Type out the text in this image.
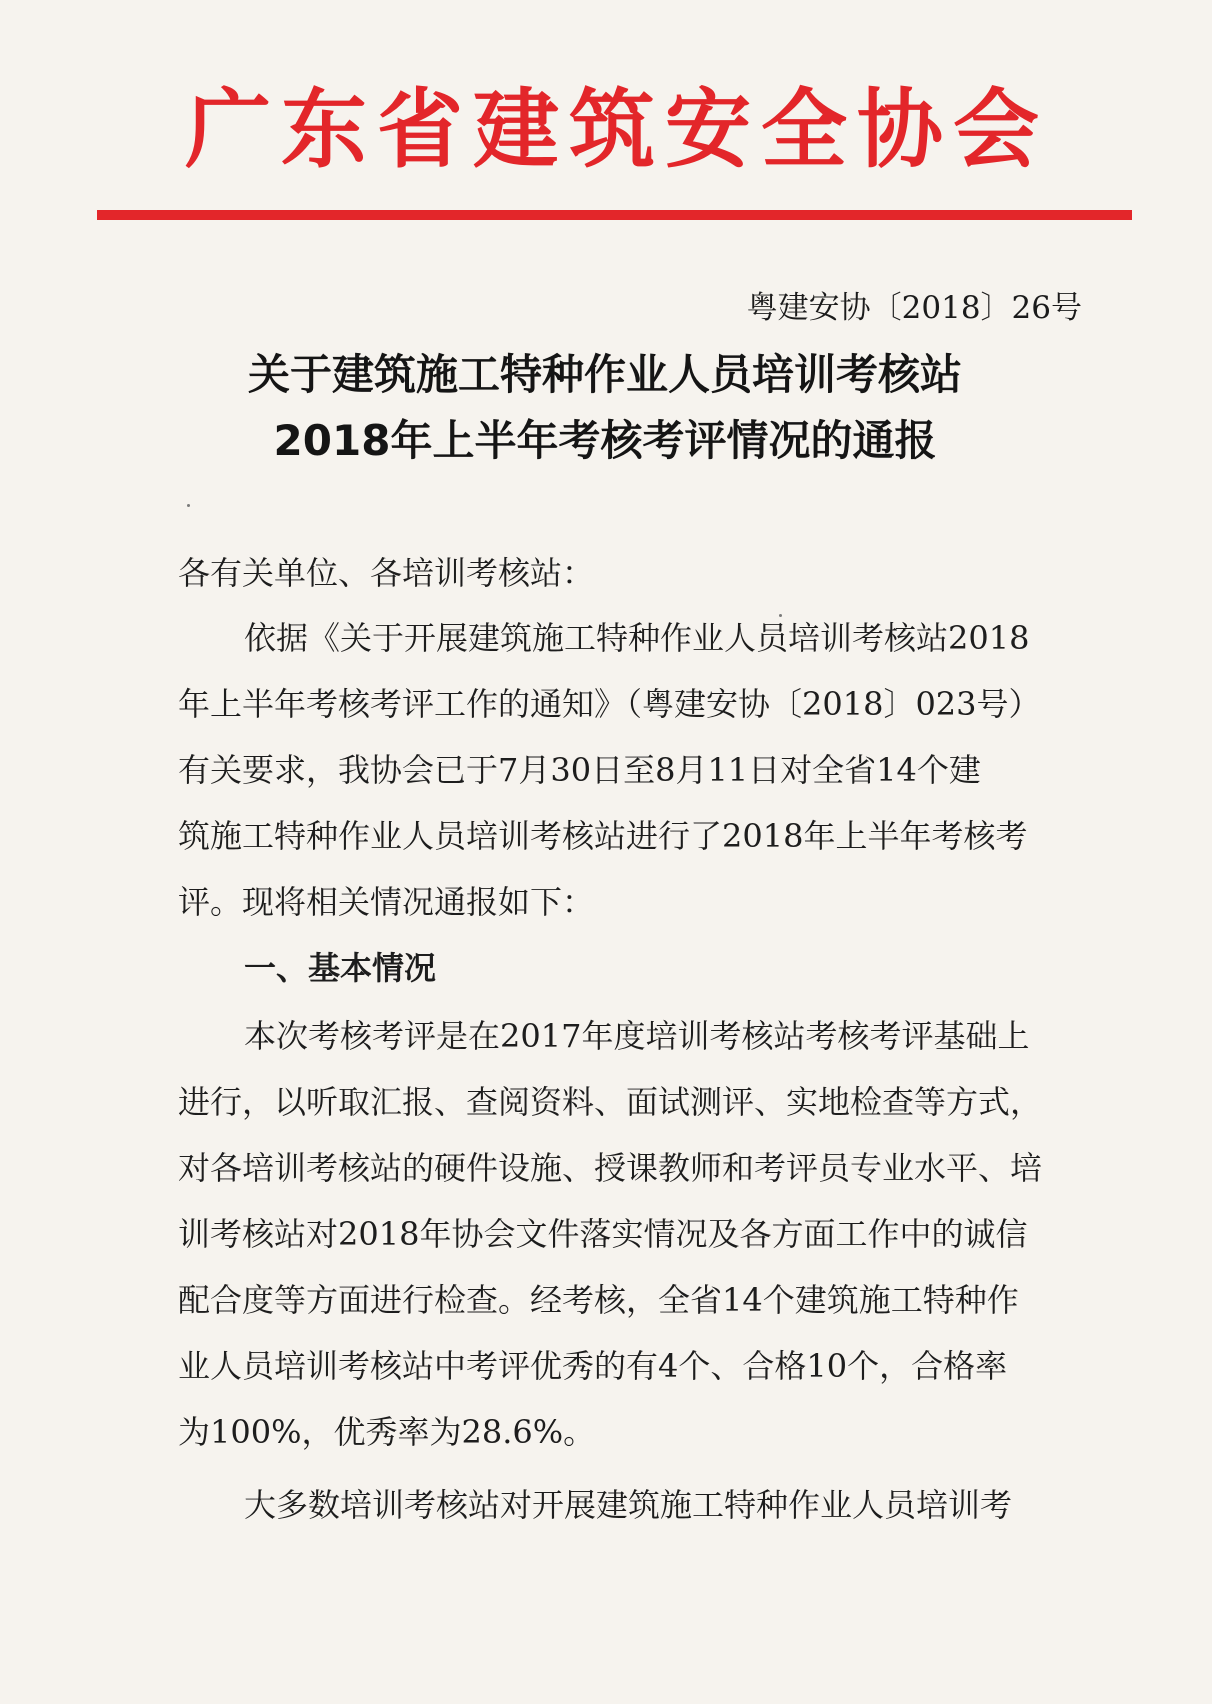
广东省建筑安全协会
粤建安协〔2018〕26号
关于建筑施工特种作业人员培训考核站
2018年上半年考核考评情况的通报
各有关单位、各培训考核站：
依据《关于开展建筑施工特种作业人员培训考核站2018
年上半年考核考评工作的通知》（粤建安协〔2018〕023号）
有关要求，我协会已于7月30日至8月11日对全省14个建
筑施工特种作业人员培训考核站进行了2018年上半年考核考
评。现将相关情况通报如下：
一、基本情况
本次考核考评是在2017年度培训考核站考核考评基础上
进行，以听取汇报、查阅资料、面试测评、实地检查等方式，
对各培训考核站的硬件设施、授课教师和考评员专业水平、培
训考核站对2018年协会文件落实情况及各方面工作中的诚信
配合度等方面进行检查。经考核，全省14个建筑施工特种作
业人员培训考核站中考评优秀的有4个、合格10个，合格率
为100%，优秀率为28.6%。
大多数培训考核站对开展建筑施工特种作业人员培训考
